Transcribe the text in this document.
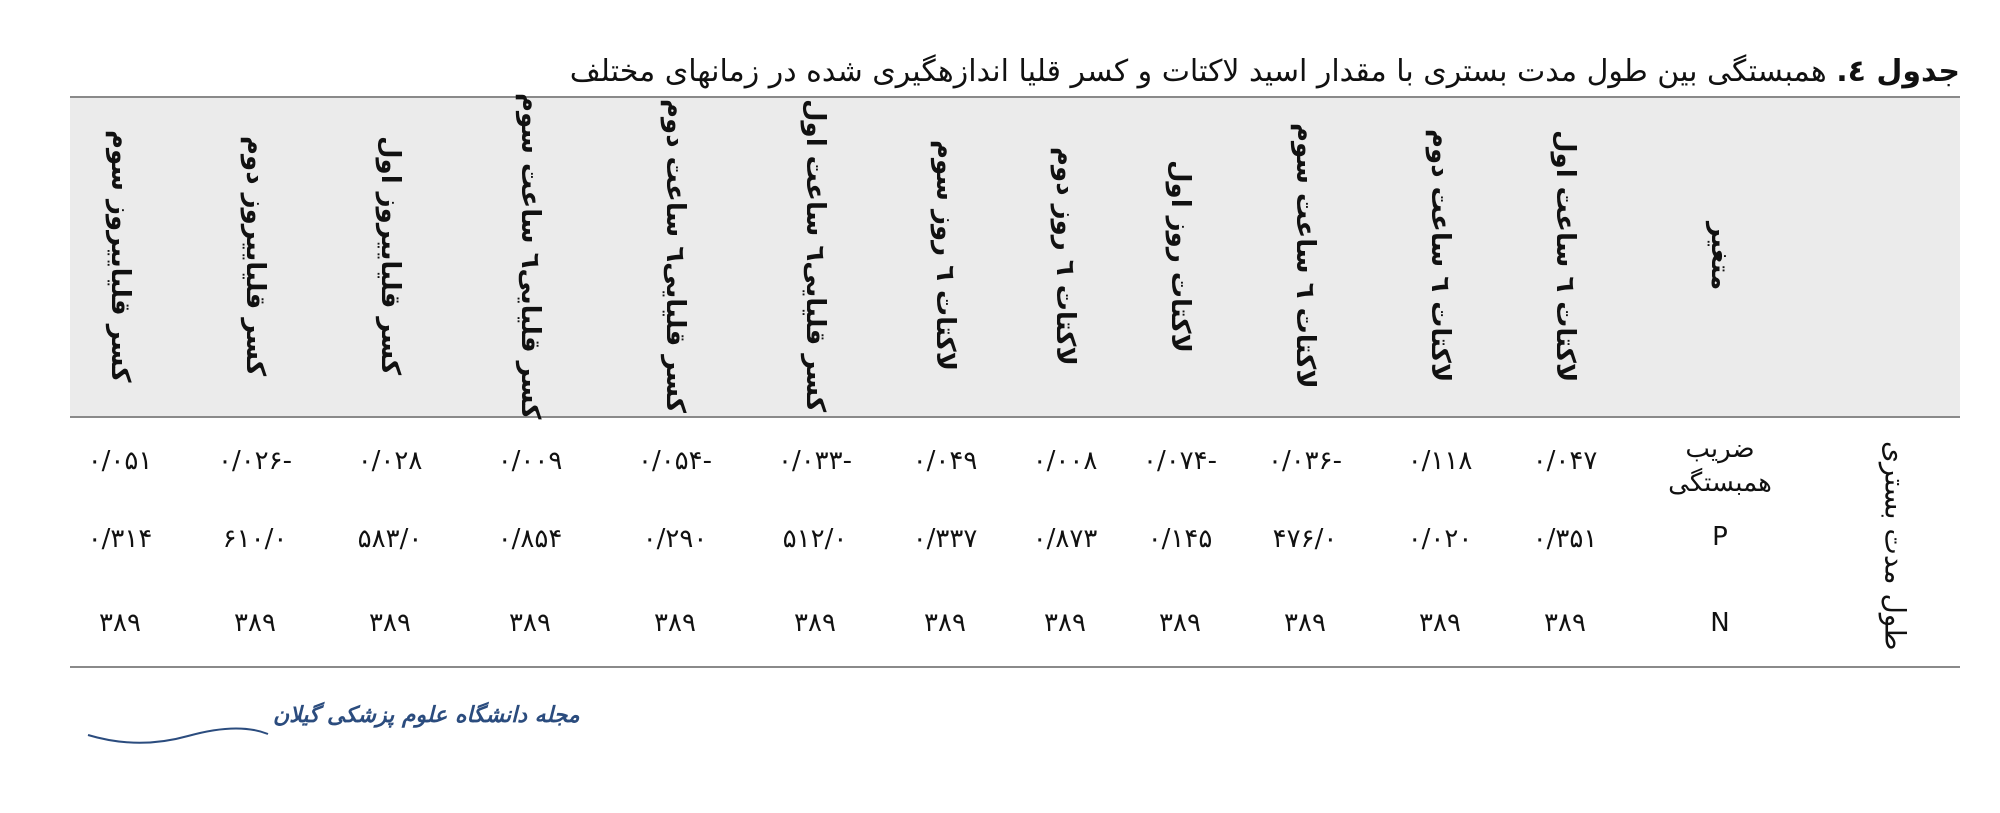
جدول ٤. همبستگی بین طول مدت بستری با مقدار اسید لاکتات و کسر قلیا اندازهگیری شده در زمانهای مختلف
متغیر
لاکتات ٦ ساعت اول
لاکتات ٦ ساعت دوم
لاکتات ٦ ساعت سوم
لاکتات روز اول
لاکتات ٦ روز دوم
لاکتات ٦ روز سوم
کسر قلیایی٦ ساعت اول
کسر قلیایی٦ ساعت دوم
کسر قلیایی٦ ساعت سوم
کسر قلیاییروز اول
کسر قلیاییروز دوم
کسر قلیاییروز سوم
طول مدت بستری
ضریب همبستگی
P
N
٠/٠۴٧
٠/١١٨
-٠/٠٣۶
-٠/٠٧۴
٠/٠٠٨
٠/٠۴٩
-٠/٠٣٣
-٠/٠۵۴
٠/٠٠٩
٠/٠٢٨
-٠/٠٢۶
٠/٠۵١
٠/٣۵١
٠/٠٢٠
٠/۴٧۶
٠/١۴۵
٠/٨٧٣
٠/٣٣٧
٠/۵١٢
٠/٢٩٠
٠/٨۵۴
٠/۵٨٣
٠/۶١٠
٠/٣١۴
٣٨٩
٣٨٩
٣٨٩
٣٨٩
٣٨٩
٣٨٩
٣٨٩
٣٨٩
٣٨٩
٣٨٩
٣٨٩
٣٨٩
مجله دانشگاه علوم پزشکی گیلان
